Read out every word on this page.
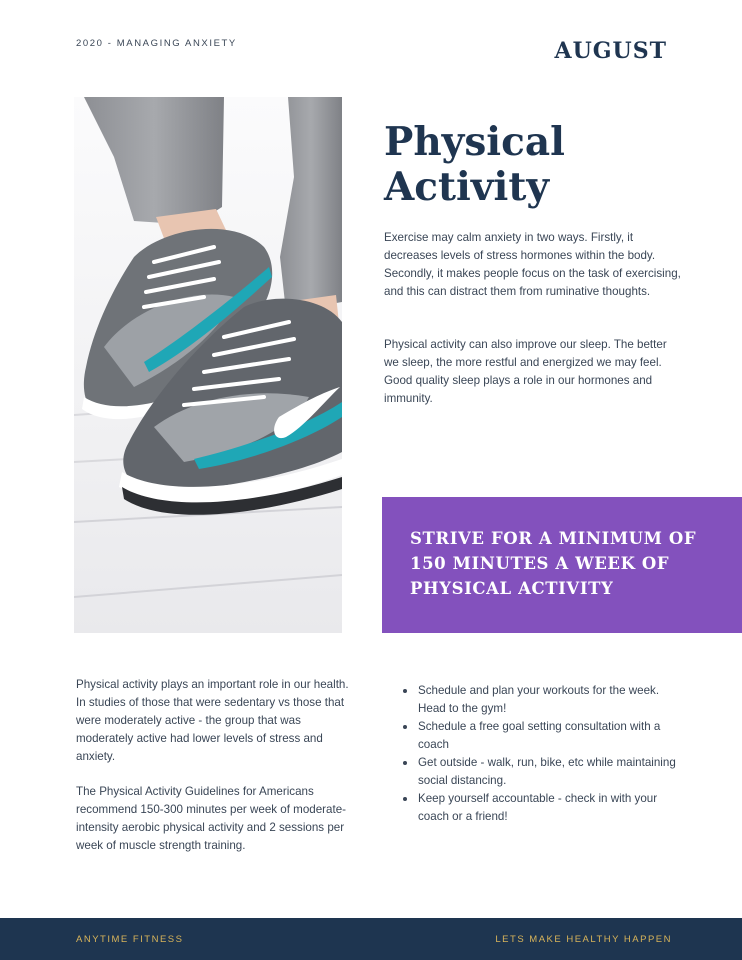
2020 - MANAGING ANXIETY	AUGUST
Physical
Activity

Exercise may calm anxiety in two ways. Firstly, it decreases levels of stress hormones within the body. Secondly, it makes people focus on the task of exercising, and this can distract them from ruminative thoughts.

Physical activity can also improve our sleep. The better we sleep, the more restful and energized we may feel. Good quality sleep plays a role in our hormones and immunity.

STRIVE FOR A MINIMUM OF 150 MINUTES A WEEK OF PHYSICAL ACTIVITY

Physical activity plays an important role in our health. In studies of those that were sedentary vs those that were moderately active - the group that was moderately active had lower levels of stress and anxiety.

The Physical Activity Guidelines for Americans recommend 150-300 minutes per week of moderate-intensity aerobic physical activity and 2 sessions per week of muscle strength training.

Schedule and plan your workouts for the week. Head to the gym!
Schedule a free goal setting consultation with a coach
Get outside - walk, run, bike, etc while maintaining social distancing.
Keep yourself accountable - check in with your coach or a friend!
ANYTIME FITNESS	LETS MAKE HEALTHY HAPPEN
